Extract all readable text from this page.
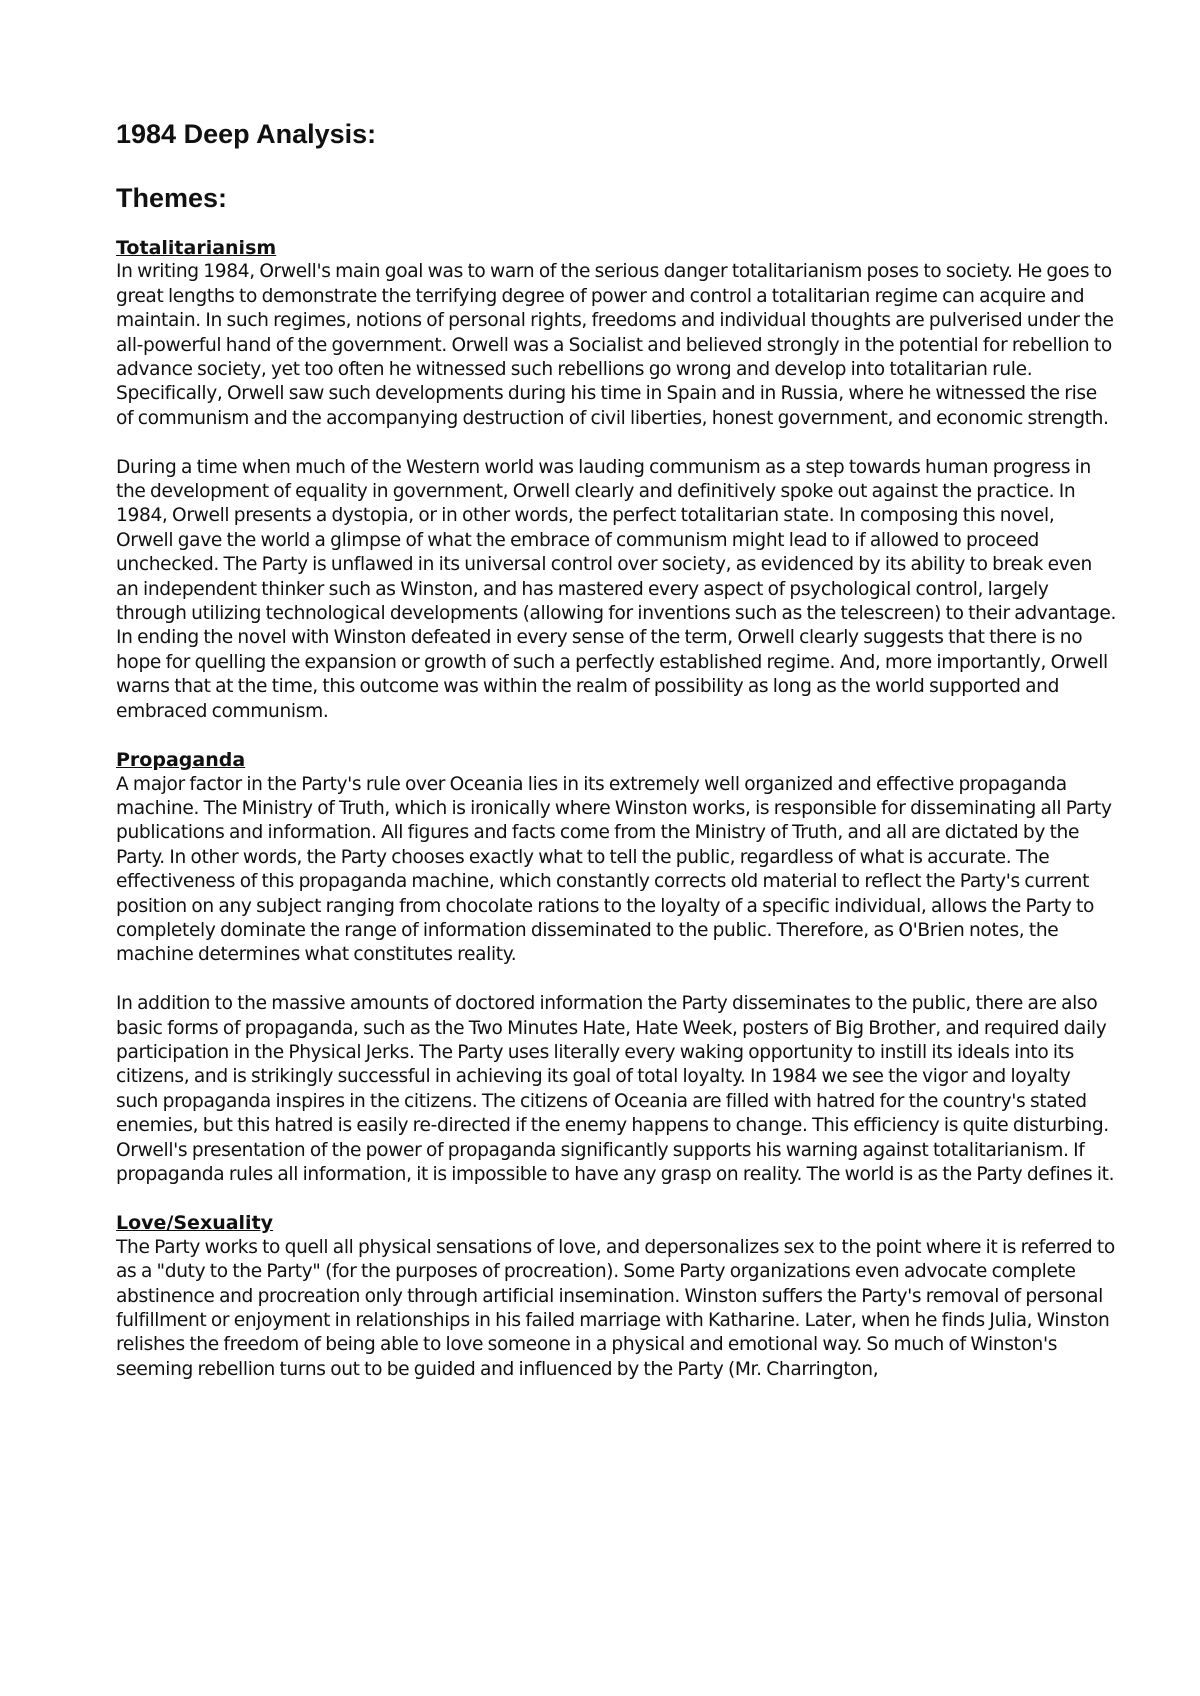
1984 Deep Analysis:
Themes:
Totalitarianism

In writing 1984, Orwell's main goal was to warn of the serious danger totalitarianism poses to society. He goes to great lengths to demonstrate the terrifying degree of power and control a totalitarian regime can acquire and maintain. In such regimes, notions of personal rights, freedoms and individual thoughts are pulverised under the all-powerful hand of the government. Orwell was a Socialist and believed strongly in the potential for rebellion to advance society, yet too often he witnessed such rebellions go wrong and develop into totalitarian rule. Specifically, Orwell saw such developments during his time in Spain and in Russia, where he witnessed the rise of communism and the accompanying destruction of civil liberties, honest government, and economic strength.

During a time when much of the Western world was lauding communism as a step towards human progress in the development of equality in government, Orwell clearly and definitively spoke out against the practice. In 1984, Orwell presents a dystopia, or in other words, the perfect totalitarian state. In composing this novel, Orwell gave the world a glimpse of what the embrace of communism might lead to if allowed to proceed unchecked. The Party is unflawed in its universal control over society, as evidenced by its ability to break even an independent thinker such as Winston, and has mastered every aspect of psychological control, largely through utilizing technological developments (allowing for inventions such as the telescreen) to their advantage. In ending the novel with Winston defeated in every sense of the term, Orwell clearly suggests that there is no hope for quelling the expansion or growth of such a perfectly established regime. And, more importantly, Orwell warns that at the time, this outcome was within the realm of possibility as long as the world supported and embraced communism.

Propaganda

A major factor in the Party's rule over Oceania lies in its extremely well organized and effective propaganda machine. The Ministry of Truth, which is ironically where Winston works, is responsible for disseminating all Party publications and information. All figures and facts come from the Ministry of Truth, and all are dictated by the Party. In other words, the Party chooses exactly what to tell the public, regardless of what is accurate. The effectiveness of this propaganda machine, which constantly corrects old material to reflect the Party's current position on any subject ranging from chocolate rations to the loyalty of a specific individual, allows the Party to completely dominate the range of information disseminated to the public. Therefore, as O'Brien notes, the machine determines what constitutes reality.

In addition to the massive amounts of doctored information the Party disseminates to the public, there are also basic forms of propaganda, such as the Two Minutes Hate, Hate Week, posters of Big Brother, and required daily participation in the Physical Jerks. The Party uses literally every waking opportunity to instill its ideals into its citizens, and is strikingly successful in achieving its goal of total loyalty. In 1984 we see the vigor and loyalty such propaganda inspires in the citizens. The citizens of Oceania are filled with hatred for the country's stated enemies, but this hatred is easily re-directed if the enemy happens to change. This efficiency is quite disturbing. Orwell's presentation of the power of propaganda significantly supports his warning against totalitarianism. If propaganda rules all information, it is impossible to have any grasp on reality. The world is as the Party defines it.

Love/Sexuality

The Party works to quell all physical sensations of love, and depersonalizes sex to the point where it is referred to as a "duty to the Party" (for the purposes of procreation). Some Party organizations even advocate complete abstinence and procreation only through artificial insemination. Winston suffers the Party's removal of personal fulfillment or enjoyment in relationships in his failed marriage with Katharine. Later, when he finds Julia, Winston relishes the freedom of being able to love someone in a physical and emotional way. So much of Winston's seeming rebellion turns out to be guided and influenced by the Party (Mr. Charrington,
